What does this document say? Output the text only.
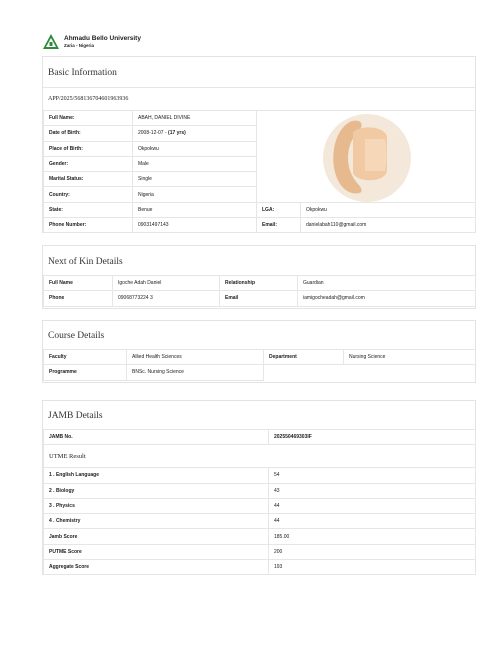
Ahmadu Bello University
Zaria - Nigeria
Basic Information
APP/2025/568136704601963936
Full Name:	ABAH, DANIEL DIVINE	

Date of Birth:	2008-12-07 - (17 yrs)		
Place of Birth:	Okpokwu		
Gender:	Male		
Marital Status:	Single		
Country:	Nigeria		
State:	Benue	LGA:	Okpokwu
Phone Number:	09031497143	Email:	danielabah110@gmail.com
Next of Kin Details
Full Name	Igoche Adah Daniel	Relationship	Guardian
Phone	09068773224 3	Email	iamigocheadah@gmail.com
Course Details
Faculty	Allied Health Sciences	Department	Nursing Science
Programme	BNSc. Nursing Science		
JAMB Details
JAMB No.	202550469303IF
UTME Result	
1 . English Language	54
2 . Biology	43
3 . Physics	44
4 . Chemistry	44
Jamb Score	185.00
PUTME Score	200
Aggregate Score	193
